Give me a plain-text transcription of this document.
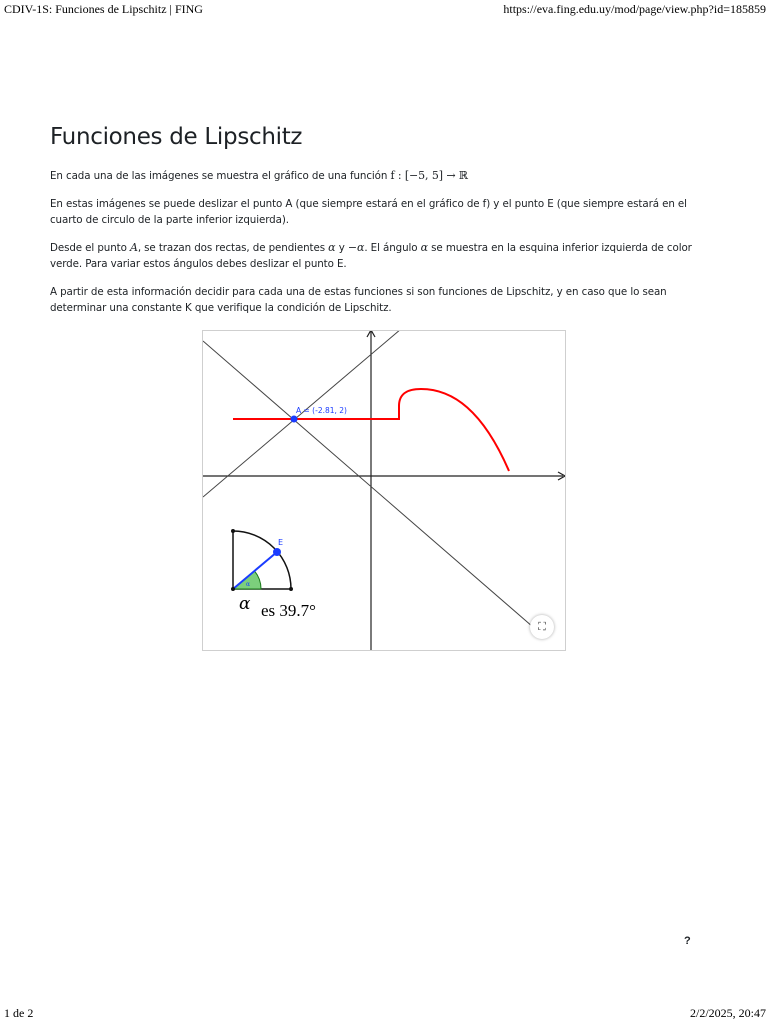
CDIV-1S: Funciones de Lipschitz | FING	https://eva.fing.edu.uy/mod/page/view.php?id=185859
Funciones de Lipschitz

En cada una de las imágenes se muestra el gráfico de una función f : [−5, 5] → ℝ

En estas imágenes se puede deslizar el punto A (que siempre estará en el gráfico de f) y el punto E (que siempre estará en el cuarto de circulo de la parte inferior izquierda).

Desde el punto A, se trazan dos rectas, de pendientes α y −α. El ángulo α se muestra en la esquina inferior izquierda de color verde. Para variar estos ángulos debes deslizar el punto E.

A partir de esta información decidir para cada una de estas funciones si son funciones de Lipschitz, y en caso que lo sean determinar una constante K que verifique la condición de Lipschitz.

A = (-2.81, 2)
E
α
α es 39.7°
⛶
?
1 de 2	2/2/2025, 20:47
